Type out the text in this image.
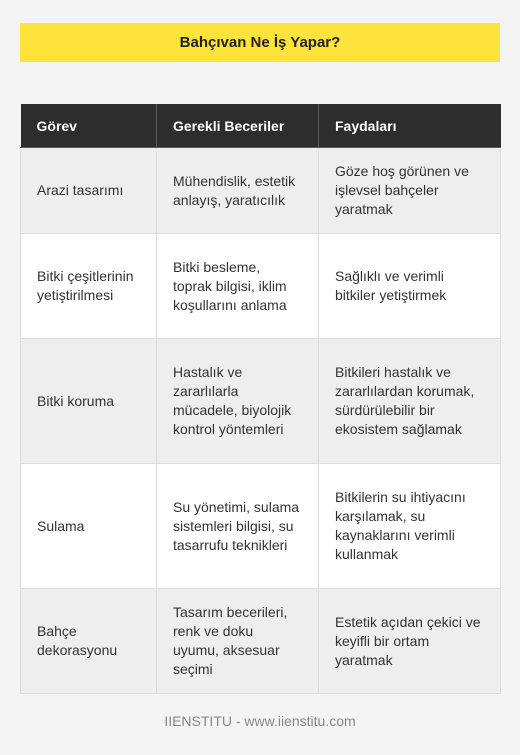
Bahçıvan Ne İş Yapar?
Görev	Gerekli Beceriler	Faydaları
Arazi tasarımı	Mühendislik, estetik anlayış, yaratıcılık	Göze hoş görünen ve işlevsel bahçeler yaratmak
Bitki çeşitlerinin yetiştirilmesi	Bitki besleme, toprak bilgisi, iklim koşullarını anlama	Sağlıklı ve verimli bitkiler yetiştirmek
Bitki koruma	Hastalık ve zararlılarla mücadele, biyolojik kontrol yöntemleri	Bitkileri hastalık ve zararlılardan korumak, sürdürülebilir bir ekosistem sağlamak
Sulama	Su yönetimi, sulama sistemleri bilgisi, su tasarrufu teknikleri	Bitkilerin su ihtiyacını karşılamak, su kaynaklarını verimli kullanmak
Bahçe dekorasyonu	Tasarım becerileri, renk ve doku uyumu, aksesuar seçimi	Estetik açıdan çekici ve keyifli bir ortam yaratmak
IIENSTITU - www.iienstitu.com
